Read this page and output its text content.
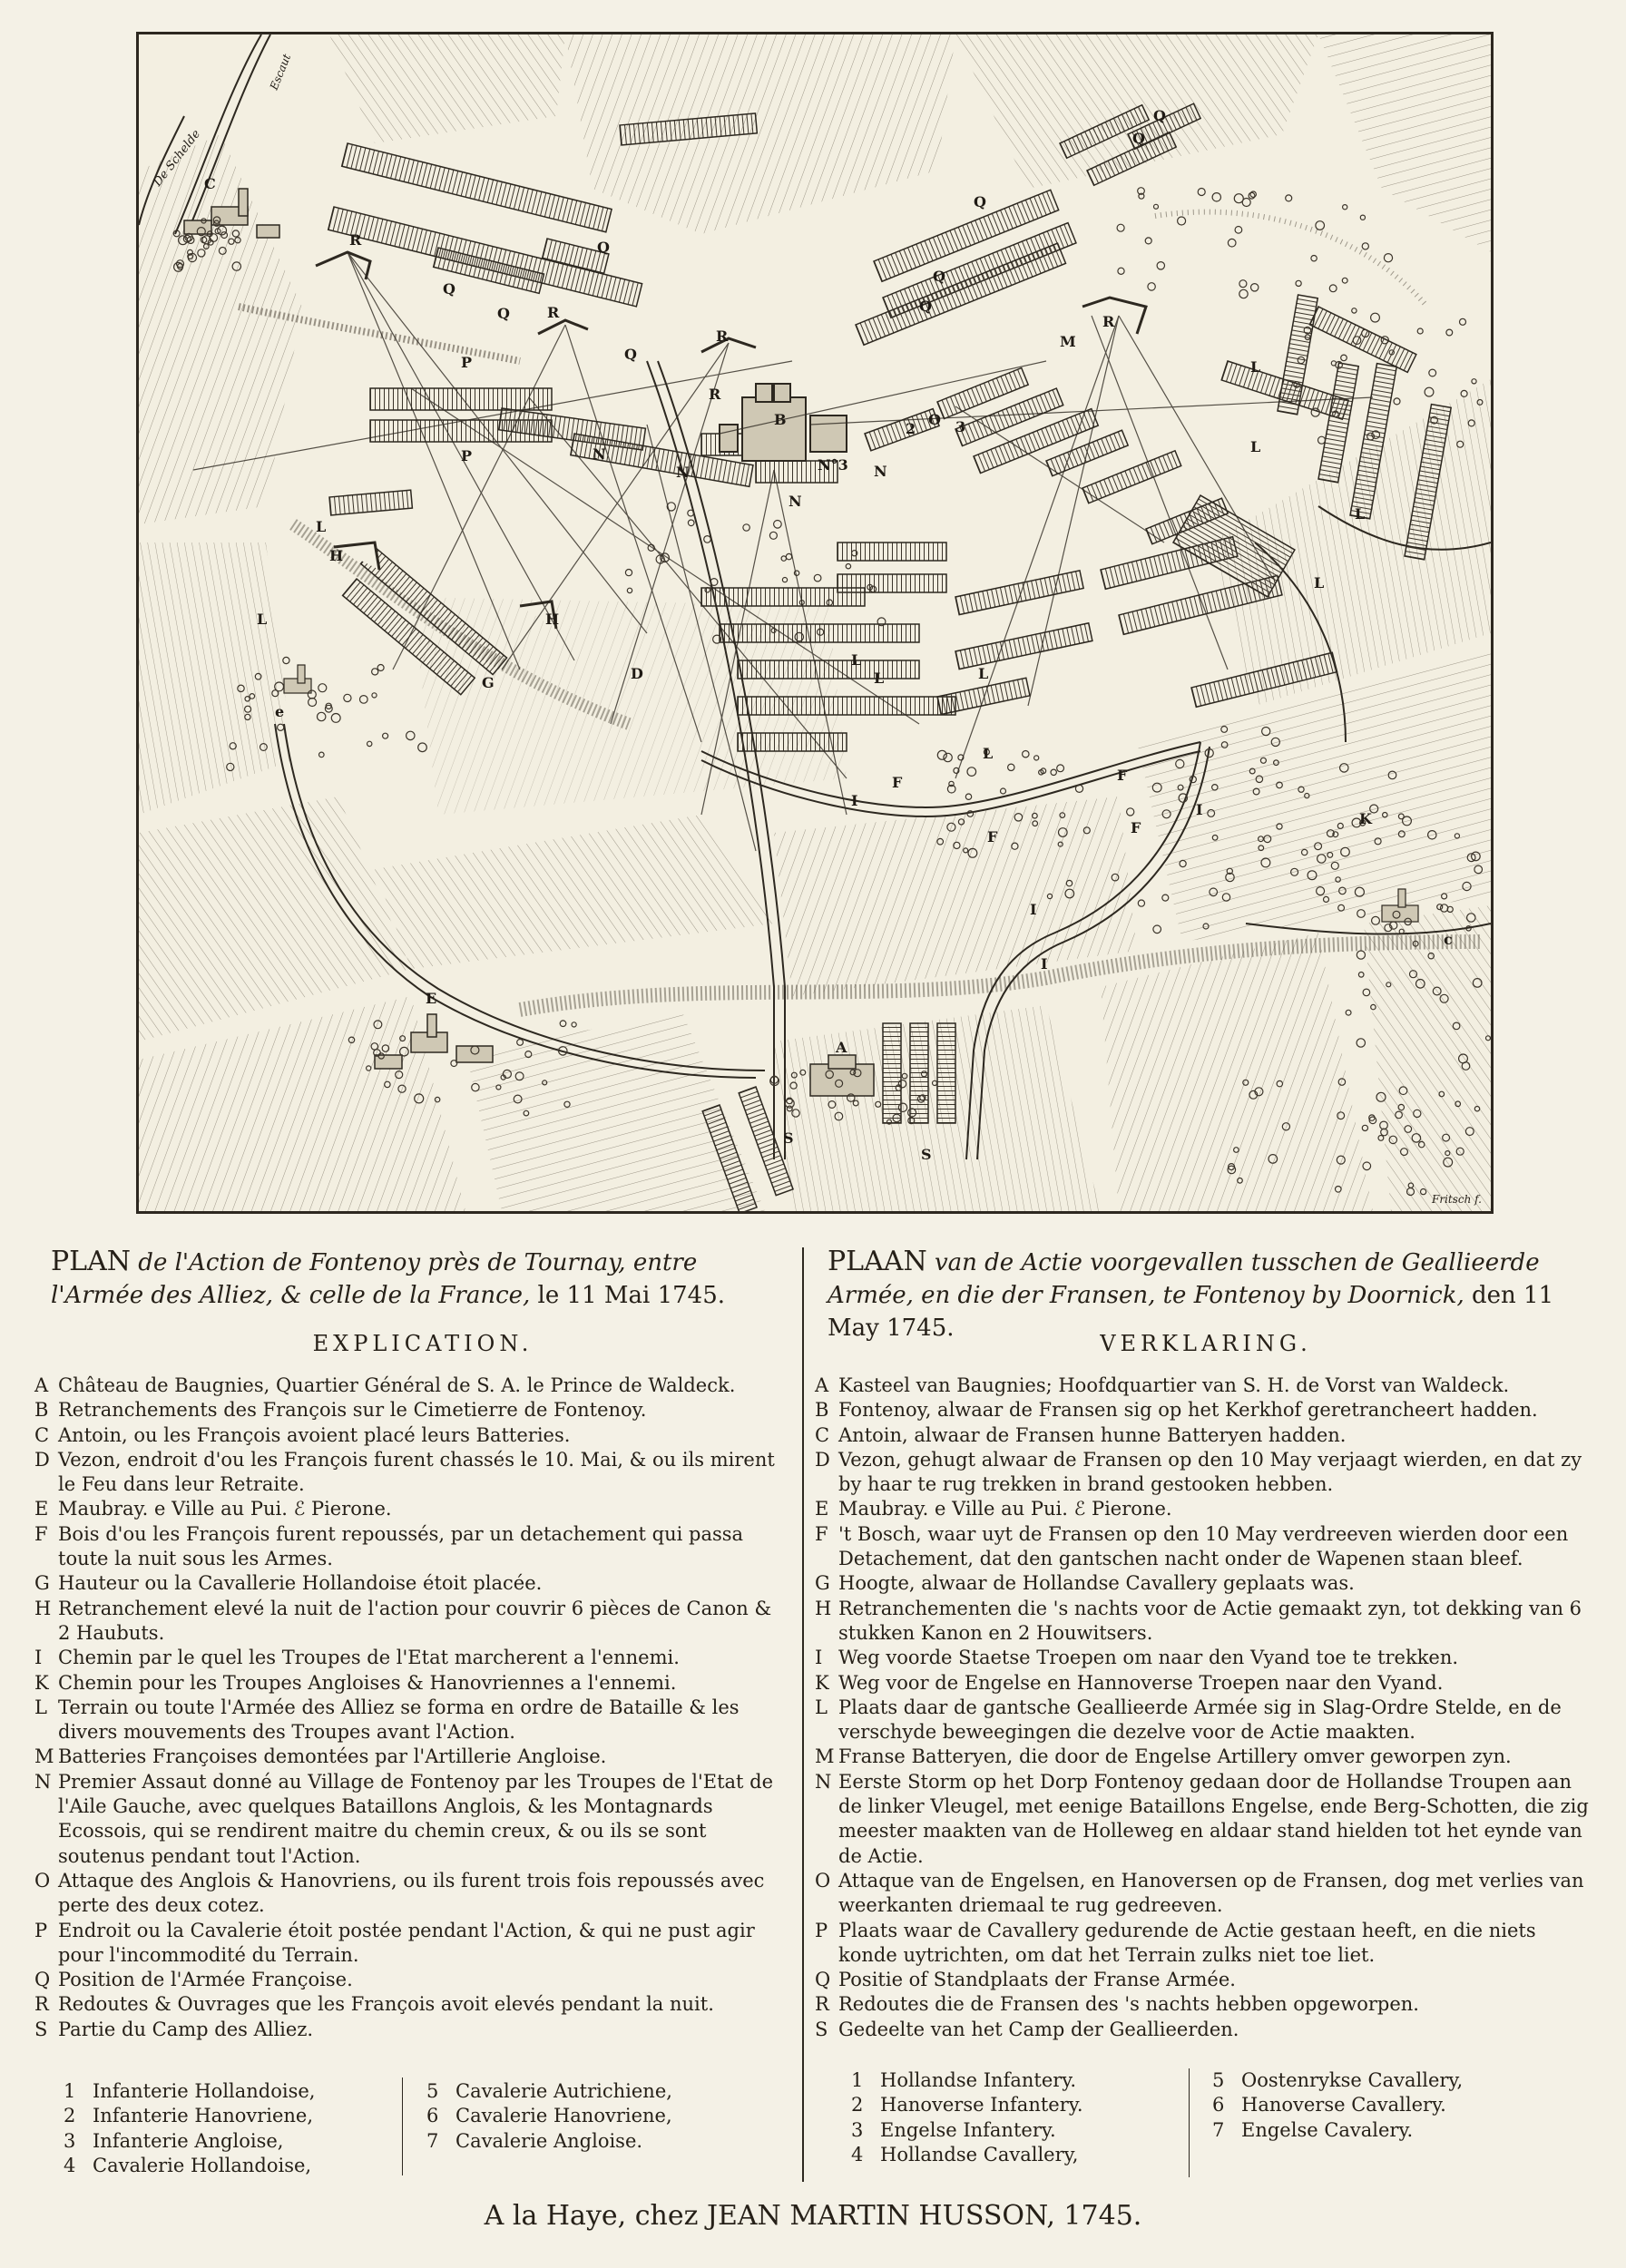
C
R
R
R
R
R
Q
Q
Q
Q
Q
Q
Q
Q
Q
P
P	N
N
N
N
N°3
B	O
2	3
M
L
L
L
L
L
L
L
L	L
L
H
H
G
D
I
I
I
I
F
F
F
F
K
c
e
E
A
S
S
De Schelde
Escaut
Fritsch f.
PLAN de l'Action de Fontenoy près de Tournay, entre l'Armée des Alliez, & celle de la France, le 11 Mai 1745.
PLAAN van de Actie voorgevallen tusschen de Geallieerde Armée, en die der Fransen, te Fontenoy by Doornick, den 11 May 1745.
EXPLICATION.	VERKLARING.
A Château de Baugnies, Quartier Général de S. A. le Prince de Waldeck.
B Retranchements des François sur le Cimetierre de Fontenoy.
C Antoin, ou les François avoient placé leurs Batteries.
D Vezon, endroit d'ou les François furent chassés le 10. Mai, & ou ils mirent le Feu dans leur Retraite.
E Maubray. e Ville au Pui. ℰ Pierone.
F Bois d'ou les François furent repoussés, par un detachement qui passa toute la nuit sous les Armes.
G Hauteur ou la Cavallerie Hollandoise étoit placée.
H Retranchement elevé la nuit de l'action pour couvrir 6 pièces de Canon & 2 Haubuts.
I Chemin par le quel les Troupes de l'Etat marcherent a l'ennemi.
K Chemin pour les Troupes Angloises & Hanovriennes a l'ennemi.
L Terrain ou toute l'Armée des Alliez se forma en ordre de Bataille & les divers mouvements des Troupes avant l'Action.
M Batteries Françoises demontées par l'Artillerie Angloise.
N Premier Assaut donné au Village de Fontenoy par les Troupes de l'Etat de l'Aile Gauche, avec quelques Bataillons Anglois, & les Montagnards Ecossois, qui se rendirent maitre du chemin creux, & ou ils se sont soutenus pendant tout l'Action.
O Attaque des Anglois & Hanovriens, ou ils furent trois fois repoussés avec perte des deux cotez.
P Endroit ou la Cavalerie étoit postée pendant l'Action, & qui ne pust agir pour l'incommodité du Terrain.
Q Position de l'Armée Françoise.
R Redoutes & Ouvrages que les François avoit elevés pendant la nuit.
S Partie du Camp des Alliez.
A Kasteel van Baugnies; Hoofdquartier van S. H. de Vorst van Waldeck.
B Fontenoy, alwaar de Fransen sig op het Kerkhof geretrancheert hadden.
C Antoin, alwaar de Fransen hunne Batteryen hadden.
D Vezon, gehugt alwaar de Fransen op den 10 May verjaagt wierden, en dat zy by haar te rug trekken in brand gestooken hebben.
E Maubray. e Ville au Pui. ℰ Pierone.
F 't Bosch, waar uyt de Fransen op den 10 May verdreeven wierden door een Detachement, dat den gantschen nacht onder de Wapenen staan bleef.
G Hoogte, alwaar de Hollandse Cavallery geplaats was.
H Retranchementen die 's nachts voor de Actie gemaakt zyn, tot dekking van 6 stukken Kanon en 2 Houwitsers.
I Weg voorde Staetse Troepen om naar den Vyand toe te trekken.
K Weg voor de Engelse en Hannoverse Troepen naar den Vyand.
L Plaats daar de gantsche Geallieerde Armée sig in Slag-Ordre Stelde, en de verschyde beweegingen die dezelve voor de Actie maakten.
M Franse Batteryen, die door de Engelse Artillery omver geworpen zyn.
N Eerste Storm op het Dorp Fontenoy gedaan door de Hollandse Troupen aan de linker Vleugel, met eenige Bataillons Engelse, ende Berg-Schotten, die zig meester maakten van de Holleweg en aldaar stand hielden tot het eynde van de Actie.
O Attaque van de Engelsen, en Hanoversen op de Fransen, dog met verlies van weerkanten driemaal te rug gedreeven.
P Plaats waar de Cavallery gedurende de Actie gestaan heeft, en die niets konde uytrichten, om dat het Terrain zulks niet toe liet.
Q Positie of Standplaats der Franse Armée.
R Redoutes die de Fransen des 's nachts hebben opgeworpen.
S Gedeelte van het Camp der Geallieerden.
1 Infanterie Hollandoise,
2 Infanterie Hanovriene,
3 Infanterie Angloise,
4 Cavalerie Hollandoise,
5 Cavalerie Autrichiene,
6 Cavalerie Hanovriene,
7 Cavalerie Angloise.
1 Hollandse Infantery.
2 Hanoverse Infantery.
3 Engelse Infantery.
4 Hollandse Cavallery,
5 Oostenrykse Cavallery,
6 Hanoverse Cavallery.
7 Engelse Cavalery.
A la Haye, chez JEAN MARTIN HUSSON, 1745.
